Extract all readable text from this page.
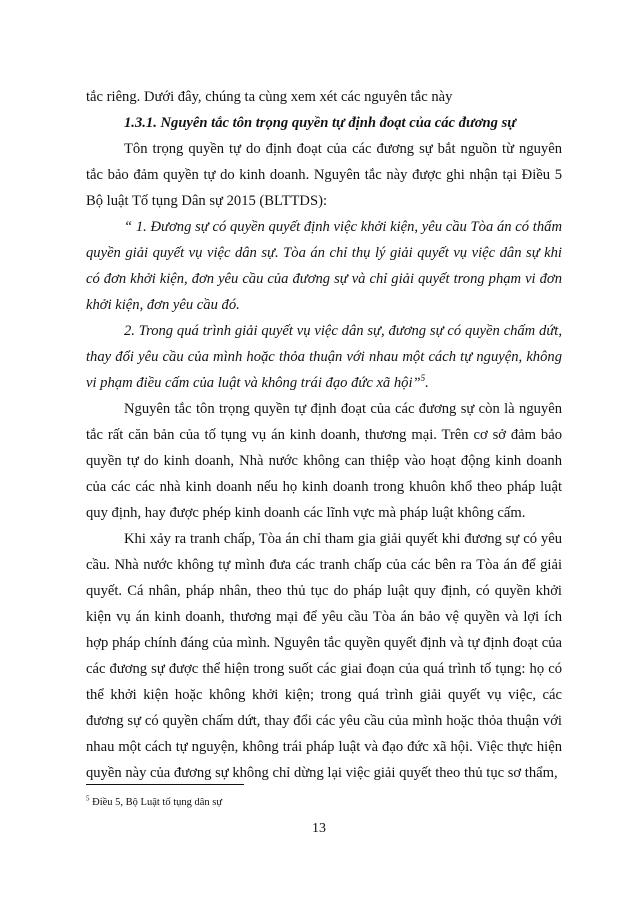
tắc riêng. Dưới đây, chúng ta cùng xem xét các nguyên tắc này

1.3.1. Nguyên tắc tôn trọng quyền tự định đoạt của các đương sự

Tôn trọng quyền tự do định đoạt của các đương sự bắt nguồn từ nguyên tắc bảo đảm quyền tự do kinh doanh. Nguyên tắc này được ghi nhận tại Điều 5 Bộ luật Tố tụng Dân sự 2015 (BLTTDS):

“ 1. Đương sự có quyền quyết định việc khởi kiện, yêu cầu Tòa án có thẩm quyền giải quyết vụ việc dân sự. Tòa án chỉ thụ lý giải quyết vụ việc dân sự khi có đơn khởi kiện, đơn yêu cầu của đương sự và chỉ giải quyết trong phạm vi đơn khởi kiện, đơn yêu cầu đó.

2. Trong quá trình giải quyết vụ việc dân sự, đương sự có quyền chấm dứt, thay đổi yêu cầu của mình hoặc thỏa thuận với nhau một cách tự nguyện, không vi phạm điều cấm của luật và không trái đạo đức xã hội”$^5$.

Nguyên tắc tôn trọng quyền tự định đoạt của các đương sự còn là nguyên tắc rất căn bản của tố tụng vụ án kinh doanh, thương mại. Trên cơ sở đảm bảo quyền tự do kinh doanh, Nhà nước không can thiệp vào hoạt động kinh doanh của các các nhà kinh doanh nếu họ kinh doanh trong khuôn khổ theo pháp luật quy định, hay được phép kinh doanh các lĩnh vực mà pháp luật không cấm.

Khi xảy ra tranh chấp, Tòa án chỉ tham gia giải quyết khi đương sự có yêu cầu. Nhà nước không tự mình đưa các tranh chấp của các bên ra Tòa án để giải quyết. Cá nhân, pháp nhân, theo thủ tục do pháp luật quy định, có quyền khởi kiện vụ án kinh doanh, thương mại để yêu cầu Tòa án bảo vệ quyền và lợi ích hợp pháp chính đáng của mình. Nguyên tắc quyền quyết định và tự định đoạt của các đương sự được thể hiện trong suốt các giai đoạn của quá trình tố tụng: họ có thể khởi kiện hoặc không khởi kiện; trong quá trình giải quyết vụ việc, các đương sự có quyền chấm dứt, thay đổi các yêu cầu của mình hoặc thỏa thuận với nhau một cách tự nguyện, không trái pháp luật và đạo đức xã hội. Việc thực hiện quyền này của đương sự không chỉ dừng lại việc giải quyết theo thủ tục sơ thẩm,

$^5$ Điều 5, Bộ Luật tố tụng dân sự
13
